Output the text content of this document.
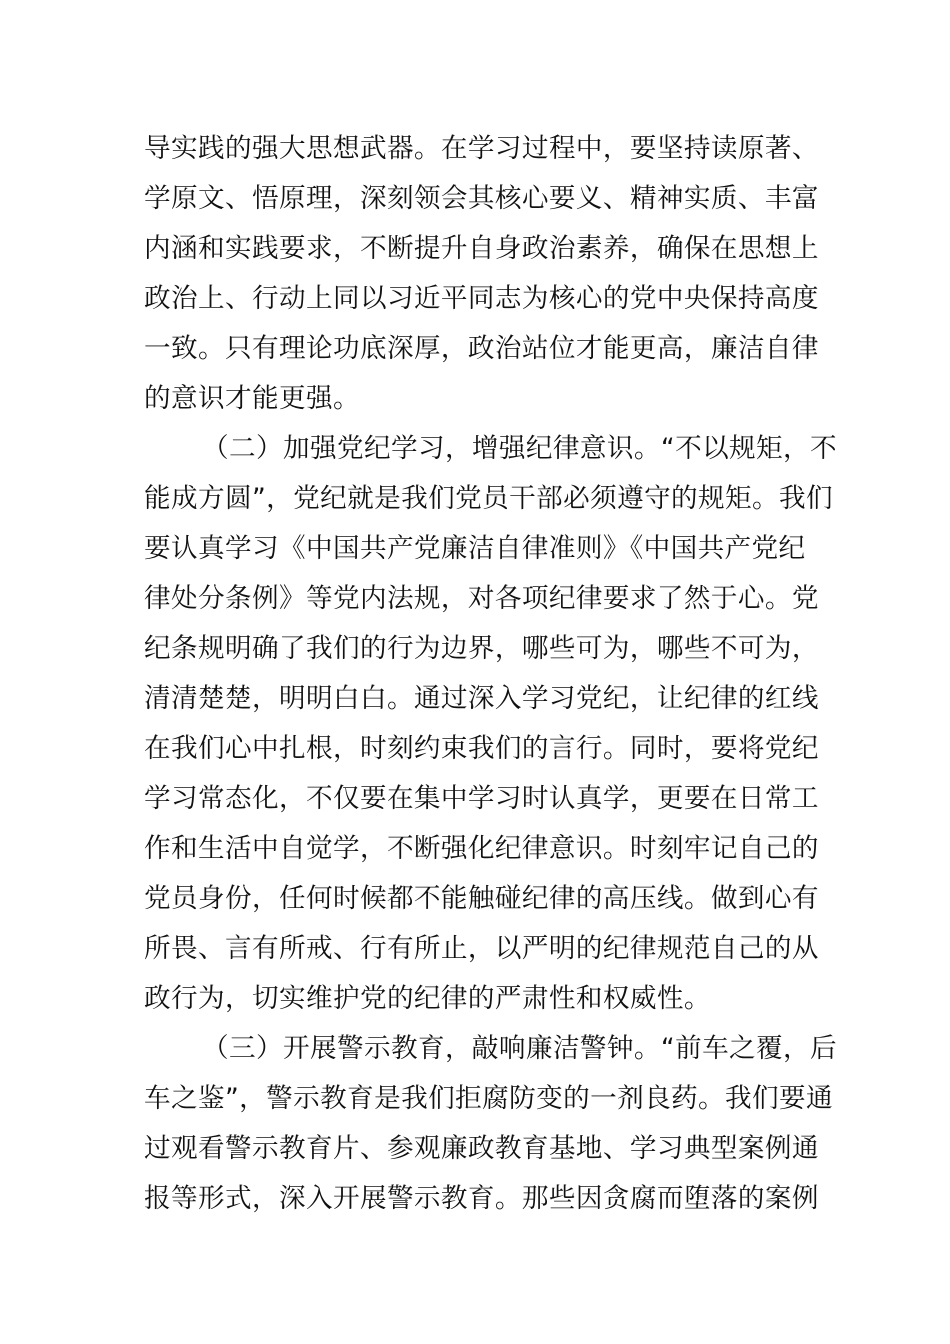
导实践的强大思想武器。在学习过程中，要坚持读原著、
学原文、悟原理，深刻领会其核心要义、精神实质、丰富
内涵和实践要求，不断提升自身政治素养，确保在思想上
政治上、行动上同以习近平同志为核心的党中央保持高度
一致。只有理论功底深厚，政治站位才能更高，廉洁自律
的意识才能更强。
（二）加强党纪学习，增强纪律意识。“不以规矩，不
能成方圆”，党纪就是我们党员干部必须遵守的规矩。我们
要认真学习《中国共产党廉洁自律准则》《中国共产党纪
律处分条例》等党内法规，对各项纪律要求了然于心。党
纪条规明确了我们的行为边界，哪些可为，哪些不可为，
清清楚楚，明明白白。通过深入学习党纪，让纪律的红线
在我们心中扎根，时刻约束我们的言行。同时，要将党纪
学习常态化，不仅要在集中学习时认真学，更要在日常工
作和生活中自觉学，不断强化纪律意识。时刻牢记自己的
党员身份，任何时候都不能触碰纪律的高压线。做到心有
所畏、言有所戒、行有所止，以严明的纪律规范自己的从
政行为，切实维护党的纪律的严肃性和权威性。
（三）开展警示教育，敲响廉洁警钟。“前车之覆，后
车之鉴”，警示教育是我们拒腐防变的一剂良药。我们要通
过观看警示教育片、参观廉政教育基地、学习典型案例通
报等形式，深入开展警示教育。那些因贪腐而堕落的案例
